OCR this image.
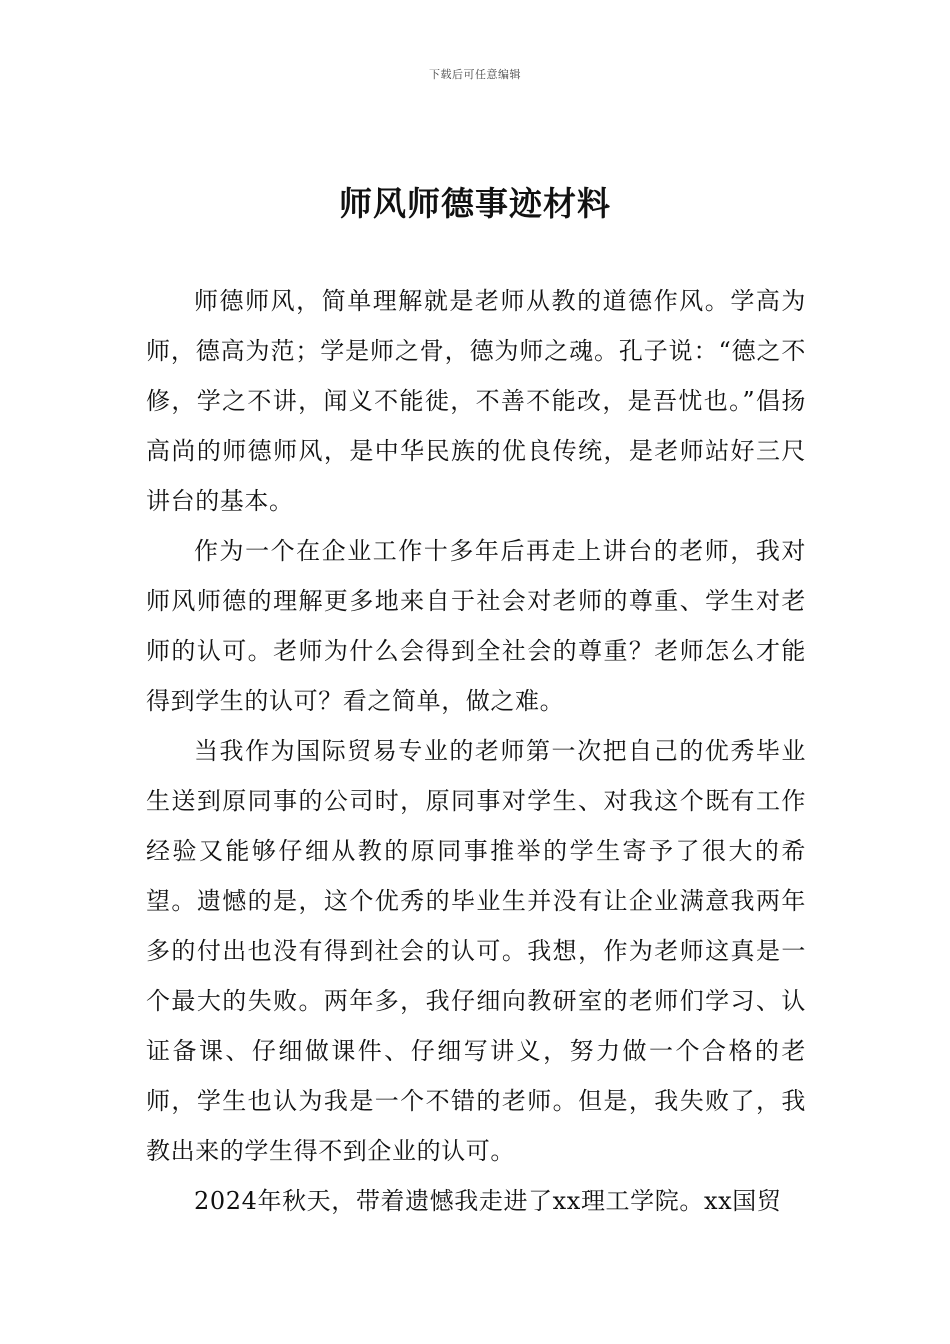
下载后可任意编辑
师风师德事迹材料

师德师风，简单理解就是老师从教的道德作风。学高为师，德高为范；学是师之骨，德为师之魂。孔子说：“德之不修，学之不讲，闻义不能徙，不善不能改，是吾忧也。”倡扬高尚的师德师风，是中华民族的优良传统，是老师站好三尺讲台的基本。

作为一个在企业工作十多年后再走上讲台的老师，我对师风师德的理解更多地来自于社会对老师的尊重、学生对老师的认可。老师为什么会得到全社会的尊重？老师怎么才能得到学生的认可？看之简单，做之难。

当我作为国际贸易专业的老师第一次把自己的优秀毕业生送到原同事的公司时，原同事对学生、对我这个既有工作经验又能够仔细从教的原同事推举的学生寄予了很大的希望。遗憾的是，这个优秀的毕业生并没有让企业满意我两年多的付出也没有得到社会的认可。我想，作为老师这真是一个最大的失败。两年多，我仔细向教研室的老师们学习、认证备课、仔细做课件、仔细写讲义，努力做一个合格的老师，学生也认为我是一个不错的老师。但是，我失败了，我教出来的学生得不到企业的认可。

2024年秋天，带着遗憾我走进了xx理工学院。xx国贸
